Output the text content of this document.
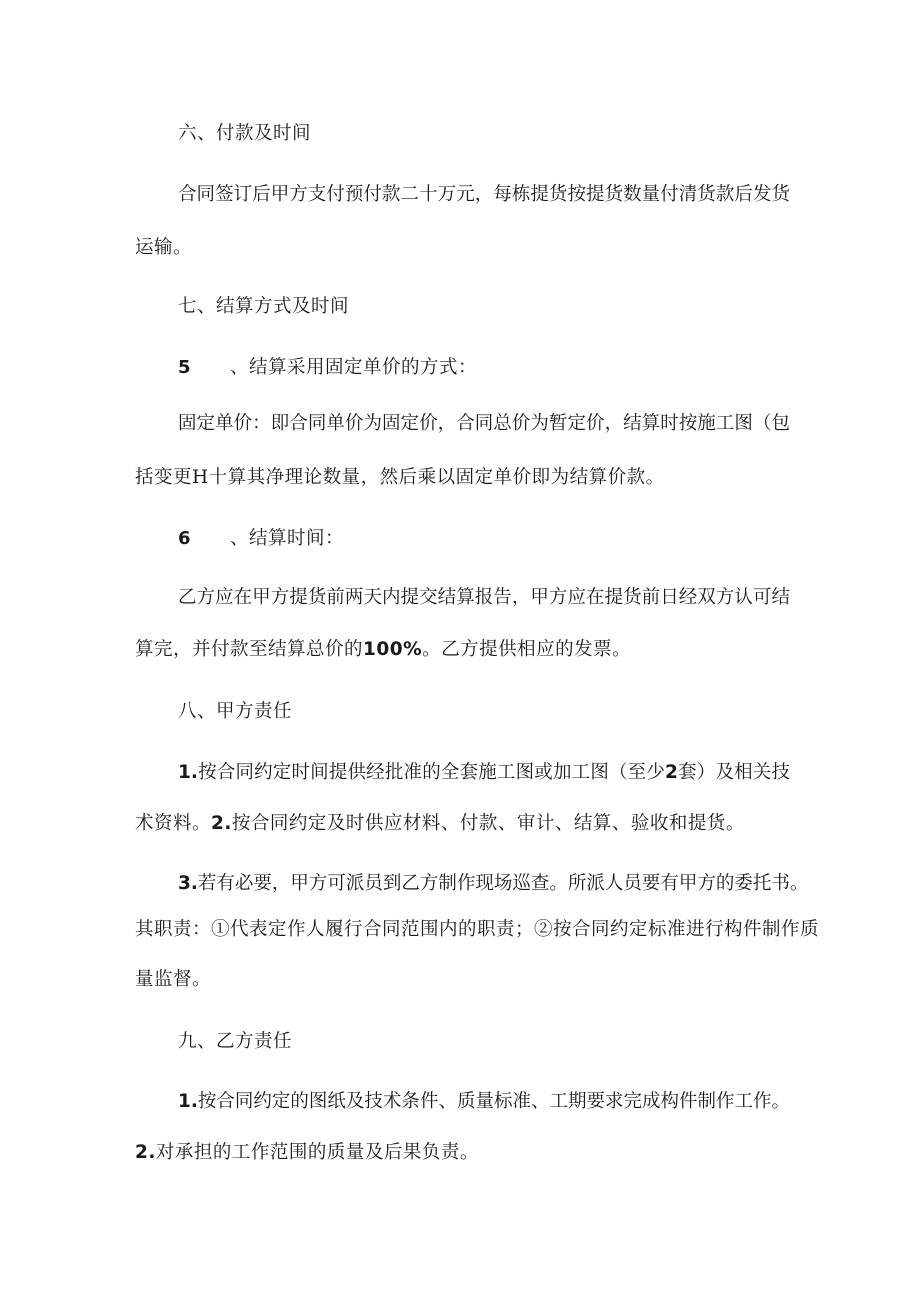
六、付款及时间
合同签订后甲方支付预付款二十万元，每栋提货按提货数量付清货款后发货
运输。
七、结算方式及时间
5 、结算采用固定单价的方式：
固定单价：即合同单价为固定价，合同总价为暂定价，结算时按施工图（包
括变更H十算其净理论数量，然后乘以固定单价即为结算价款。
6 、结算时间：
乙方应在甲方提货前两天内提交结算报告，甲方应在提货前日经双方认可结
算完，并付款至结算总价的100%。乙方提供相应的发票。
八、甲方责任
1.按合同约定时间提供经批准的全套施工图或加工图（至少2套）及相关技
术资料。2.按合同约定及时供应材料、付款、审计、结算、验收和提货。
3.若有必要，甲方可派员到乙方制作现场巡查。所派人员要有甲方的委托书。
其职责：①代表定作人履行合同范围内的职责；②按合同约定标准进行构件制作质
量监督。
九、乙方责任
1.按合同约定的图纸及技术条件、质量标准、工期要求完成构件制作工作。
2.对承担的工作范围的质量及后果负责。
